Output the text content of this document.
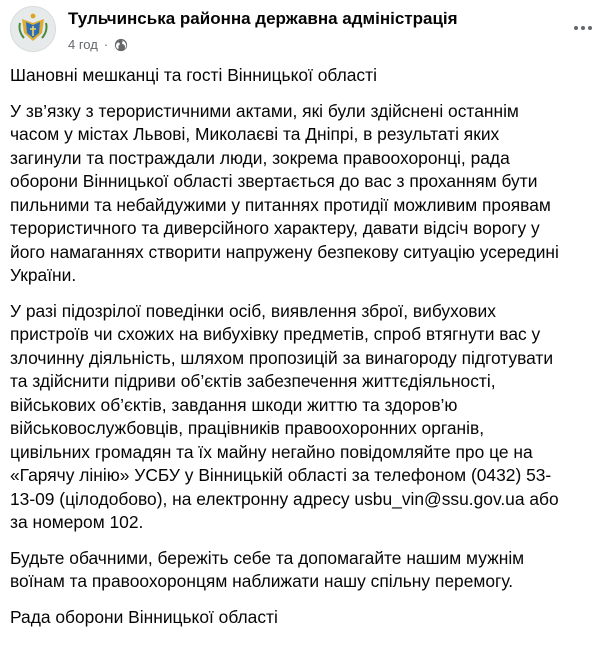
Тульчинська районна державна адміністрація
4 год ·

Шановні мешканці та гості Вінницької області

У зв’язку з терористичними актами, які були здійснені останнім
часом у містах Львові, Миколаєві та Дніпрі, в результаті яких
загинули та постраждали люди, зокрема правоохоронці, рада
оборони Вінницької області звертається до вас з проханням бути
пильними та небайдужими у питаннях протидії можливим проявам
терористичного та диверсійного характеру, давати відсіч ворогу у
його намаганнях створити напружену безпекову ситуацію усередині
України.

У разі підозрілої поведінки осіб, виявлення зброї, вибухових
пристроїв чи схожих на вибухівку предметів, спроб втягнути вас у
злочинну діяльність, шляхом пропозицій за винагороду підготувати
та здійснити підриви об’єктів забезпечення життєдіяльності,
військових об’єктів, завдання шкоди життю та здоров’ю
військовослужбовців, працівників правоохоронних органів,
цивільних громадян та їх майну негайно повідомляйте про це на
«Гарячу лінію» УСБУ у Вінницькій області за телефоном (0432) 53-
13-09 (цілодобово), на електронну адресу usbu_vin@ssu.gov.ua або
за номером 102.

Будьте обачними, бережіть себе та допомагайте нашим мужнім
воїнам та правоохоронцям наближати нашу спільну перемогу.

Рада оборони Вінницької області
